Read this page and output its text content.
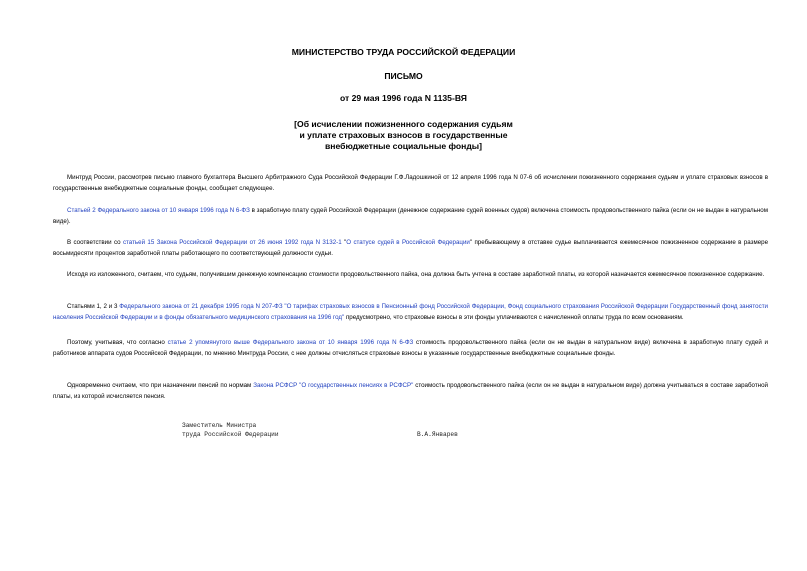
МИНИСТЕРСТВО ТРУДА РОССИЙСКОЙ ФЕДЕРАЦИИ
ПИСЬМО
от 29 мая 1996 года N 1135-ВЯ
[Об исчислении пожизненного содержания судьям
и уплате страховых взносов в государственные
внебюджетные социальные фонды]

Минтруд России, рассмотрев письмо главного бухгалтера Высшего Арбитражного Суда Российской Федерации Г.Ф.Ладошкиной от 12 апреля 1996 года N 07-6 об исчислении пожизненного содержания судьям и уплате страховых взносов в государственные внебюджетные социальные фонды, сообщает следующее.

Статьей 2 Федерального закона от 10 января 1996 года N 6-ФЗ в заработную плату судей Российской Федерации (денежное содержание судей военных судов) включена стоимость продовольственного пайка (если он не выдан в натуральном виде).

В соответствии со статьей 15 Закона Российской Федерации от 26 июня 1992 года N 3132-1 "О статусе судей в Российской Федерации" пребывающему в отставке судье выплачивается ежемесячное пожизненное содержание в размере восьмидесяти процентов заработной платы работающего по соответствующей должности судьи.

Исходя из изложенного, считаем, что судьям, получившим денежную компенсацию стоимости продовольственного пайка, она должна быть учтена в составе заработной платы, из которой назначается ежемесячное пожизненное содержание.

Статьями 1, 2 и 3 Федерального закона от 21 декабря 1995 года N 207-ФЗ "О тарифах страховых взносов в Пенсионный фонд Российской Федерации, Фонд социального страхования Российской Федерации Государственный фонд занятости населения Российской Федерации и в фонды обязательного медицинского страхования на 1996 год" предусмотрено, что страховые взносы в эти фонды уплачиваются с начисленной оплаты труда по всем основаниям.

Поэтому, учитывая, что согласно статье 2 упомянутого выше Федерального закона от 10 января 1996 года N 6-ФЗ стоимость продовольственного пайка (если он не выдан в натуральном виде) включена в заработную плату судей и работников аппарата судов Российской Федерации, по мнению Минтруда России, с нее должны отчисляться страховые взносы в указанные государственные внебюджетные социальные фонды.

Одновременно считаем, что при назначении пенсий по нормам Закона РСФСР "О государственных пенсиях в РСФСР" стоимость продовольственного пайка (если он не выдан в натуральном виде) должна учитываться в составе заработной платы, из которой исчисляется пенсия.

Заместитель Министра
труда Российской Федерации	В.А.Январев
